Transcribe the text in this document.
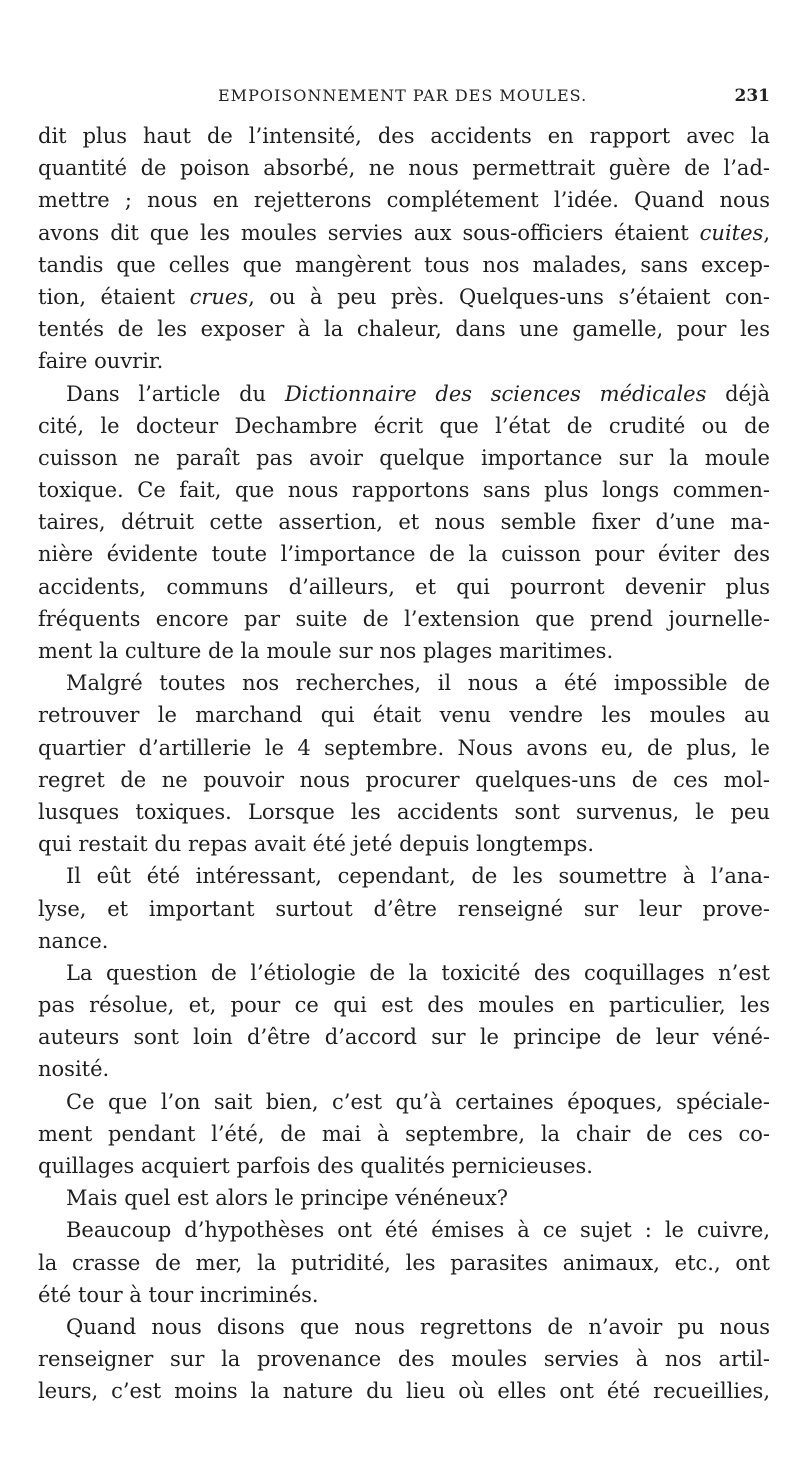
EMPOISONNEMENT PAR DES MOULES.	231
dit plus haut de l’intensité, des accidents en rapport avec la
quantité de poison absorbé, ne nous permettrait guère de l’ad-
mettre ; nous en rejetterons complétement l’idée. Quand nous
avons dit que les moules servies aux sous-officiers étaient cuites,
tandis que celles que mangèrent tous nos malades, sans excep-
tion, étaient crues, ou à peu près. Quelques-uns s’étaient con-
tentés de les exposer à la chaleur, dans une gamelle, pour les
faire ouvrir.
Dans l’article du Dictionnaire des sciences médicales déjà
cité, le docteur Dechambre écrit que l’état de crudité ou de
cuisson ne paraît pas avoir quelque importance sur la moule
toxique. Ce fait, que nous rapportons sans plus longs commen-
taires, détruit cette assertion, et nous semble fixer d’une ma-
nière évidente toute l’importance de la cuisson pour éviter des
accidents, communs d’ailleurs, et qui pourront devenir plus
fréquents encore par suite de l’extension que prend journelle-
ment la culture de la moule sur nos plages maritimes.
Malgré toutes nos recherches, il nous a été impossible de
retrouver le marchand qui était venu vendre les moules au
quartier d’artillerie le 4 septembre. Nous avons eu, de plus, le
regret de ne pouvoir nous procurer quelques-uns de ces mol-
lusques toxiques. Lorsque les accidents sont survenus, le peu
qui restait du repas avait été jeté depuis longtemps.
Il eût été intéressant, cependant, de les soumettre à l’ana-
lyse, et important surtout d’être renseigné sur leur prove-
nance.
La question de l’étiologie de la toxicité des coquillages n’est
pas résolue, et, pour ce qui est des moules en particulier, les
auteurs sont loin d’être d’accord sur le principe de leur véné-
nosité.
Ce que l’on sait bien, c’est qu’à certaines époques, spéciale-
ment pendant l’été, de mai à septembre, la chair de ces co-
quillages acquiert parfois des qualités pernicieuses.
Mais quel est alors le principe vénéneux?
Beaucoup d’hypothèses ont été émises à ce sujet : le cuivre,
la crasse de mer, la putridité, les parasites animaux, etc., ont
été tour à tour incriminés.
Quand nous disons que nous regrettons de n’avoir pu nous
renseigner sur la provenance des moules servies à nos artil-
leurs, c’est moins la nature du lieu où elles ont été recueillies,
